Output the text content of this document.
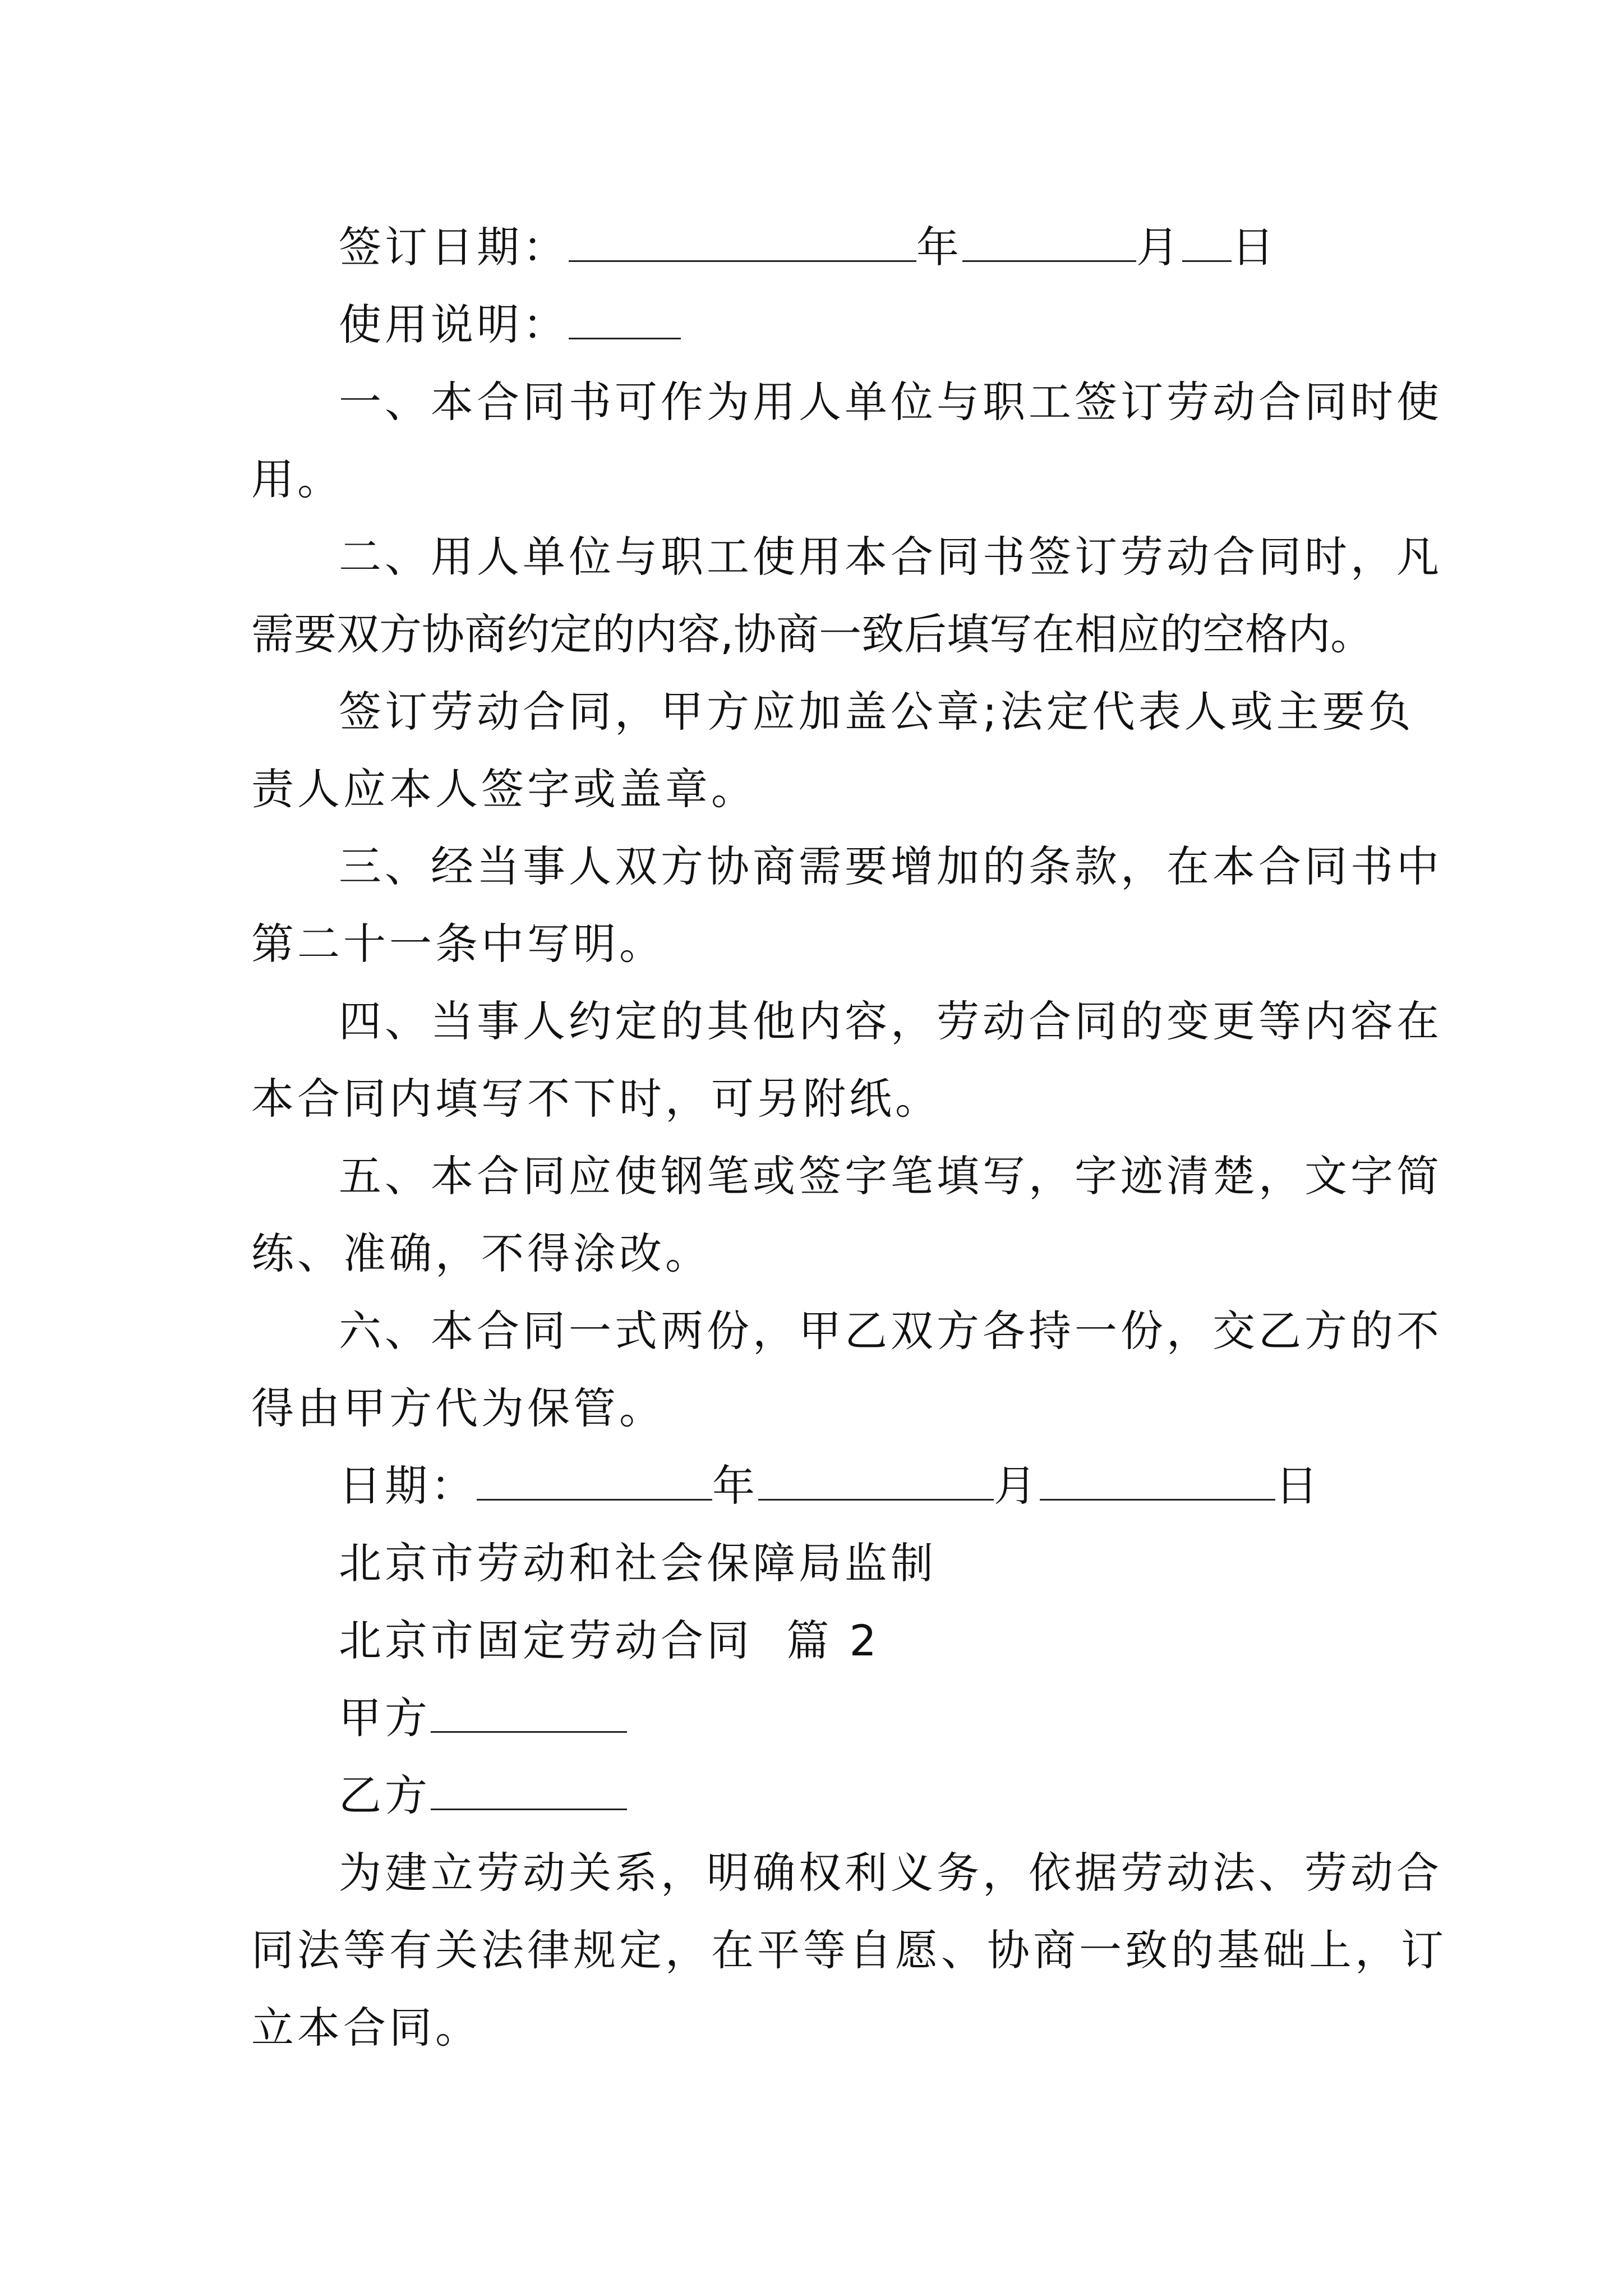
签订日期：	年	月 日
使用说明：
一、本合同书可作为用人单位与职工签订劳动合同时使
用。
二、用人单位与职工使用本合同书签订劳动合同时，凡
需要双方协商约定的内容,协商一致后填写在相应的空格内。
签订劳动合同，甲方应加盖公章;法定代表人或主要负
责人应本人签字或盖章。
三、经当事人双方协商需要增加的条款，在本合同书中
第二十一条中写明。
四、当事人约定的其他内容，劳动合同的变更等内容在
本合同内填写不下时，可另附纸。
五、本合同应使钢笔或签字笔填写，字迹清楚，文字简
练、准确，不得涂改。
六、本合同一式两份，甲乙双方各持一份，交乙方的不
得由甲方代为保管。
日期：	年	月	日
北京市劳动和社会保障局监制
北京市固定劳动合同  篇 2
甲方
乙方
为建立劳动关系，明确权利义务，依据劳动法、劳动合
同法等有关法律规定，在平等自愿、协商一致的基础上，订
立本合同。
